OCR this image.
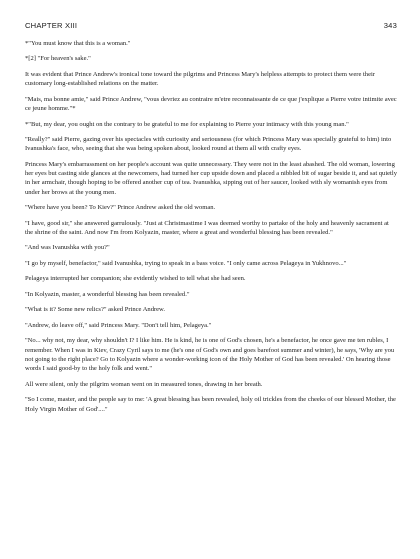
CHAPTER XIII	343

*"You must know that this is a woman."

*[2] "For heaven's sake."

It was evident that Prince Andrew's ironical tone toward the pilgrims and Princess Mary's helpless attempts to protect them were their customary long-established relations on the matter.

"Mais, ma bonne amie," said Prince Andrew, "vous devriez au contraire m'etre reconnaissante de ce que j'explique a Pierre votre intimite avec ce jeune homme."*

*"But, my dear, you ought on the contrary to be grateful to me for explaining to Pierre your intimacy with this young man."

"Really?" said Pierre, gazing over his spectacles with curiosity and seriousness (for which Princess Mary was specially grateful to him) into Ivanushka's face, who, seeing that she was being spoken about, looked round at them all with crafty eyes.

Princess Mary's embarrassment on her people's account was quite unnecessary. They were not in the least abashed. The old woman, lowering her eyes but casting side glances at the newcomers, had turned her cup upside down and placed a nibbled bit of sugar beside it, and sat quietly in her armchair, though hoping to be offered another cup of tea. Ivanushka, sipping out of her saucer, looked with sly womanish eyes from under her brows at the young men.

"Where have you been? To Kiev?" Prince Andrew asked the old woman.

"I have, good sir," she answered garrulously. "Just at Christmastime I was deemed worthy to partake of the holy and heavenly sacrament at the shrine of the saint. And now I'm from Kolyazin, master, where a great and wonderful blessing has been revealed."

"And was Ivanushka with you?"

"I go by myself, benefactor," said Ivanushka, trying to speak in a bass voice. "I only came across Pelageya in Yukhnovo..."

Pelageya interrupted her companion; she evidently wished to tell what she had seen.

"In Kolyazin, master, a wonderful blessing has been revealed."

"What is it? Some new relics?" asked Prince Andrew.

"Andrew, do leave off," said Princess Mary. "Don't tell him, Pelageya."

"No... why not, my dear, why shouldn't I? I like him. He is kind, he is one of God's chosen, he's a benefactor, he once gave me ten rubles, I remember. When I was in Kiev, Crazy Cyril says to me (he's one of God's own and goes barefoot summer and winter), he says, 'Why are you not going to the right place? Go to Kolyazin where a wonder-working icon of the Holy Mother of God has been revealed.' On hearing those words I said good-by to the holy folk and went."

All were silent, only the pilgrim woman went on in measured tones, drawing in her breath.

"So I come, master, and the people say to me: 'A great blessing has been revealed, holy oil trickles from the cheeks of our blessed Mother, the Holy Virgin Mother of God'...."
